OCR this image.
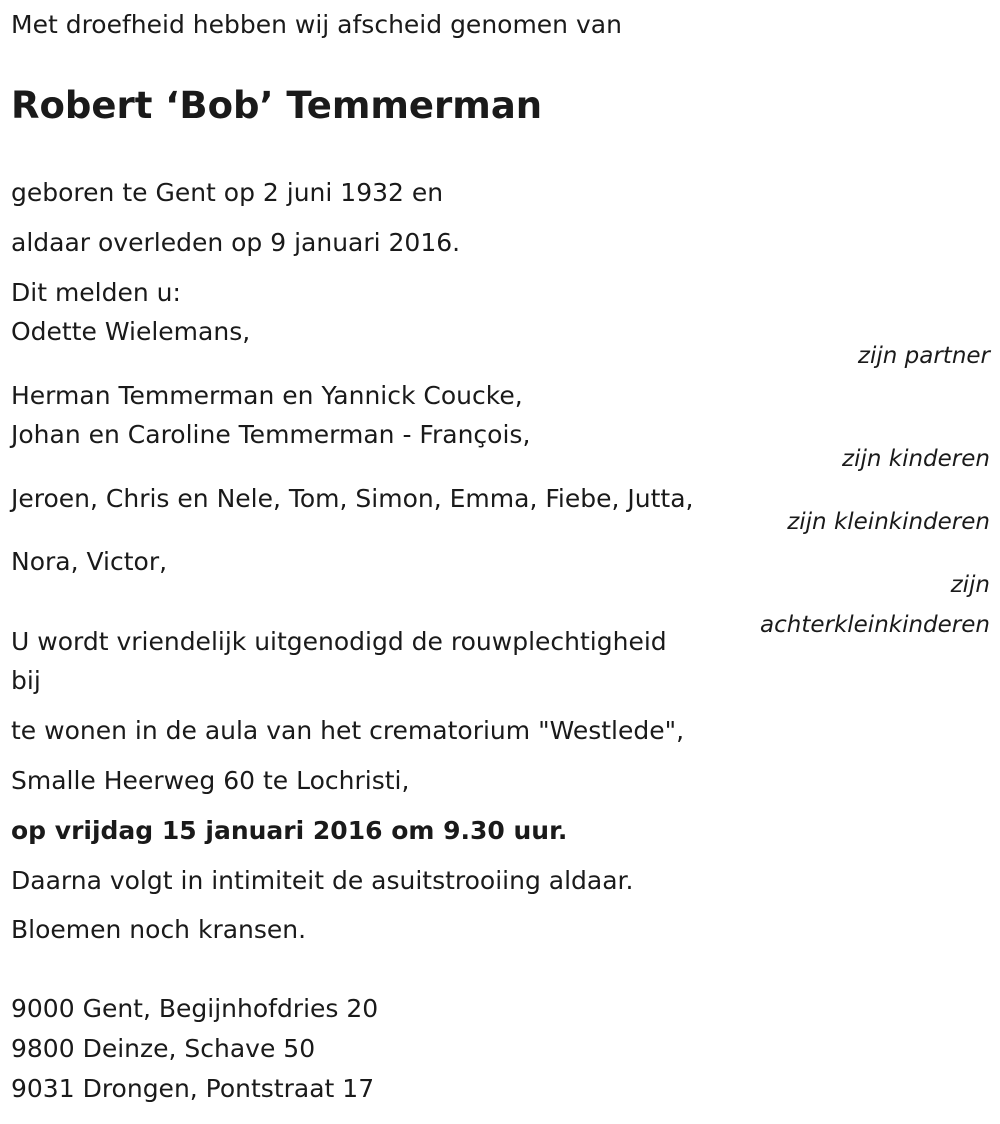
Met droefheid hebben wij afscheid genomen van
Robert ‘Bob’ Temmerman
geboren te Gent op 2 juni 1932 en
aldaar overleden op 9 januari 2016.
Dit melden u:
Odette Wielemans,
zijn partner
Herman Temmerman en Yannick Coucke,
Johan en Caroline Temmerman - François,
zijn kinderen
Jeroen, Chris en Nele, Tom, Simon, Emma, Fiebe, Jutta,
zijn kleinkinderen
Nora, Victor,
zijn
achterkleinkinderen
U wordt vriendelijk uitgenodigd de rouwplechtigheid
bij
te wonen in de aula van het crematorium "Westlede",
Smalle Heerweg 60 te Lochristi,
op vrijdag 15 januari 2016 om 9.30 uur.
Daarna volgt in intimiteit de asuitstrooiing aldaar.
Bloemen noch kransen.
9000 Gent, Begijnhofdries 20
9800 Deinze, Schave 50
9031 Drongen, Pontstraat 17
